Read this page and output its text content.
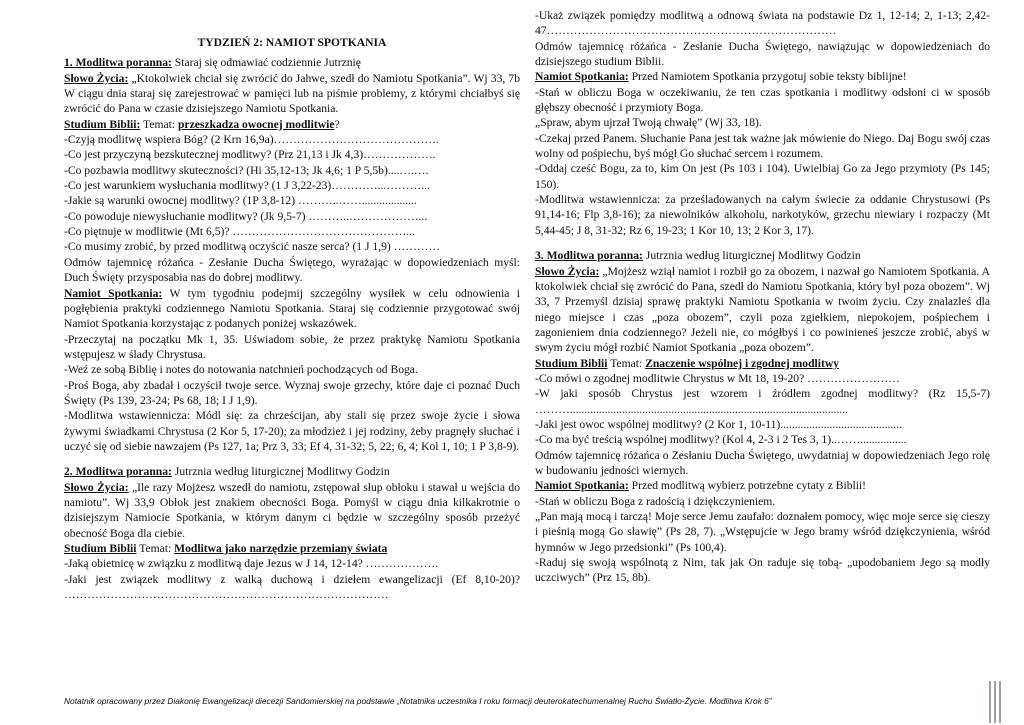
TYDZIEŃ 2: NAMIOT SPOTKANIA

1. Modlitwa poranna: Staraj się odmawiać codziennie Jutrznię

Słowo Życia: „Ktokolwiek chciał się zwrócić do Jahwe, szedł do Namiotu Spotkania”. Wj 33, 7b W ciągu dnia staraj się zarejestrować w pamięci lub na piśmie problemy, z którymi chciałbyś się zwrócić do Pana w czasie dzisiejszego Namiotu Spotkania.

Studium Biblii: Temat: przeszkadza owocnej modlitwie?

-Czyją modlitwę wspiera Bóg? (2 Krn 16,9a)…………………………………….

-Co jest przyczyną bezskutecznej modlitwy? (Prz 21,13 i Jk 4,3)……………….

-Co pozbawia modlitwy skuteczności? (Hi 35,12-13; Jk 4,6; 1 P 5,5b)....….….

-Co jest warunkiem wysłuchania modlitwy? (1 J 3,22-23)…………...………...

-Jakie są warunki owocnej modlitwy? (1P 3,8-12) ………..……...................

-Co powoduje niewysłuchanie modlitwy? (Jk 9,5-7) ………..………………...

-Co piętnuje w modlitwie (Mt 6,5)? ………………………………………...

-Co musimy zrobić, by przed modlitwą oczyścić nasze serca? (1 J 1,9) …………

Odmów tajemnicę różańca - Zesłanie Ducha Świętego, wyrażając w dopowiedzeniach myśl: Duch Święty przysposabia nas do dobrej modlitwy.

Namiot Spotkania: W tym tygodniu podejmij szczególny wysiłek w celu odnowienia i pogłębienia praktyki codziennego Namiotu Spotkania. Staraj się codziennie przygotować swój Namiot Spotkania korzystając z podanych poniżej wskazówek.

-Przeczytaj na początku Mk 1, 35. Uświadom sobie, że przez praktykę Namiotu Spotkania wstępujesz w ślady Chrystusa.

-Weź ze sobą Biblię i notes do notowania natchnień pochodzących od Boga.

-Proś Boga, aby zbadał i oczyścił twoje serce. Wyznaj swoje grzechy, które daje ci poznać Duch Święty (Ps 139, 23-24; Ps 68, 18; I J 1,9).

-Modlitwa wstawiennicza: Módl się: za chrześcijan, aby stali się przez swoje życie i słowa żywymi świadkami Chrystusa (2 Kor 5, 17-20); za młodzież i jej rodziny, żeby pragnęły słuchać i uczyć się od siebie nawzajem (Ps 127, 1a; Prz 3, 33; Ef 4, 31-32; 5, 22; 6, 4; Kol 1, 10; 1 P 3,8-9).

2. Modlitwa poranna: Jutrznia według liturgicznej Modlitwy Godzin

Słowo Życia: „Ile razy Mojżesz wszedł do namiotu, zstępował słup obłoku i stawał u wejścia do namiotu”. Wj 33,9 Obłok jest znakiem obecności Boga. Pomyśl w ciągu dnia kilkakrotnie o dzisiejszym Namiocie Spotkania, w którym danym ci będzie w szczególny sposób przeżyć obecność Boga dla ciebie.

Studium Biblii Temat: Modlitwa jako narzędzie przemiany świata

-Jaką obietnicę w związku z modlitwą daje Jezus w J 14, 12-14? ……………….

-Jaki jest związek modlitwy z walką duchową i dziełem ewangelizacji (Ef 8,10-20)? …………………………………………………………………………

-Ukaż związek pomiędzy modlitwą a odnową świata na podstawie Dz 1, 12-14; 2, 1-13; 2,42-47…………………………………………………………………

Odmów tajemnicę różańca - Zesłanie Ducha Świętego, nawiązując w dopowiedzeniach do dzisiejszego studium Biblii.

Namiot Spotkania: Przed Namiotem Spotkania przygotuj sobie teksty biblijne!

-Stań w obliczu Boga w oczekiwaniu, że ten czas spotkania i modlitwy odsłoni ci w sposób głębszy obecność i przymioty Boga.

„Spraw, abym ujrzał Twoją chwałę” (Wj 33, 18).

-Czekaj przed Panem. Słuchanie Pana jest tak ważne jak mówienie do Niego. Daj Bogu swój czas wolny od pośpiechu, byś mógł Go słuchać sercem i rozumem.

-Oddaj cześć Bogu, za to, kim On jest (Ps 103 i 104). Uwielbiaj Go za Jego przymioty (Ps 145; 150).

-Modlitwa wstawiennicza: za prześladowanych na całym świecie za oddanie Chrystusowi (Ps 91,14-16; Flp 3,8-16); za niewolników alkoholu, narkotyków, grzechu niewiary i rozpaczy (Mt 5,44-45; J 8, 31-32; Rz 6, 19-23; 1 Kor 10, 13; 2 Kor 3, 17).

3. Modlitwa poranna: Jutrznia według liturgicznej Modlitwy Godzin

Słowo Życia: „Mojżesz wziął namiot i rozbił go za obozem, i nazwał go Namiotem Spotkania. A ktokolwiek chciał się zwrócić do Pana, szedł do Namiotu Spotkania, który był poza obozem”. Wj 33, 7 Przemyśl dzisiaj sprawę praktyki Namiotu Spotkania w twoim życiu. Czy znalazłeś dla niego miejsce i czas „poza obozem”, czyli poza zgiełkiem, niepokojem, pośpiechem i zagonieniem dnia codziennego? Jeżeli nie, co mógłbyś i co powinieneś jeszcze zrobić, abyś w swym życiu mógł rozbić Namiot Spotkania „poza obozem”.

Studium Biblii Temat: Znaczenie wspólnej i zgodnej modlitwy

-Co mówi o zgodnej modlitwie Chrystus w Mt 18, 19-20? ……………………

-W jaki sposób Chrystus jest wzorem i źródłem zgodnej modlitwy? (Rz 15,5-7) ………................................................................................................

-Jaki jest owoc wspólnej modlitwy? (2 Kor 1, 10-11)..........................................

-Co ma być treścią wspólnej modlitwy? (Kol 4, 2-3 i 2 Tes 3, 1)..……................

Odmów tajemnicę różańca o Zesłaniu Ducha Świętego, uwydatniaj w dopowiedzeniach Jego rolę w budowaniu jedności wiernych.

Namiot Spotkania: Przed modlitwą wybierz potrzebne cytaty z Biblii!

-Stań w obliczu Boga z radością i dziękczynieniem.

„Pan mają mocą i tarczą! Moje serce Jemu zaufało: doznałem pomocy, więc moje serce się cieszy i pieśnią mogą Go sławię” (Ps 28, 7). „Wstępujcie w Jego bramy wśród dziękczynienia, wśród hymnów w Jego przedsionki” (Ps 100,4).

-Raduj się swoją wspólnotą z Nim, tak jak On raduje się tobą- „upodobaniem Jego są modły uczciwych” (Prz 15, 8b).

Notatnik opracowany przez Diakonię Ewangelizacji diecezji Sandomierskiej na podstawie „Notatnika uczestnika I roku formacji deuterokatechumenalnej Ruchu Światło-Życie. Modlitwa Krok 6”
